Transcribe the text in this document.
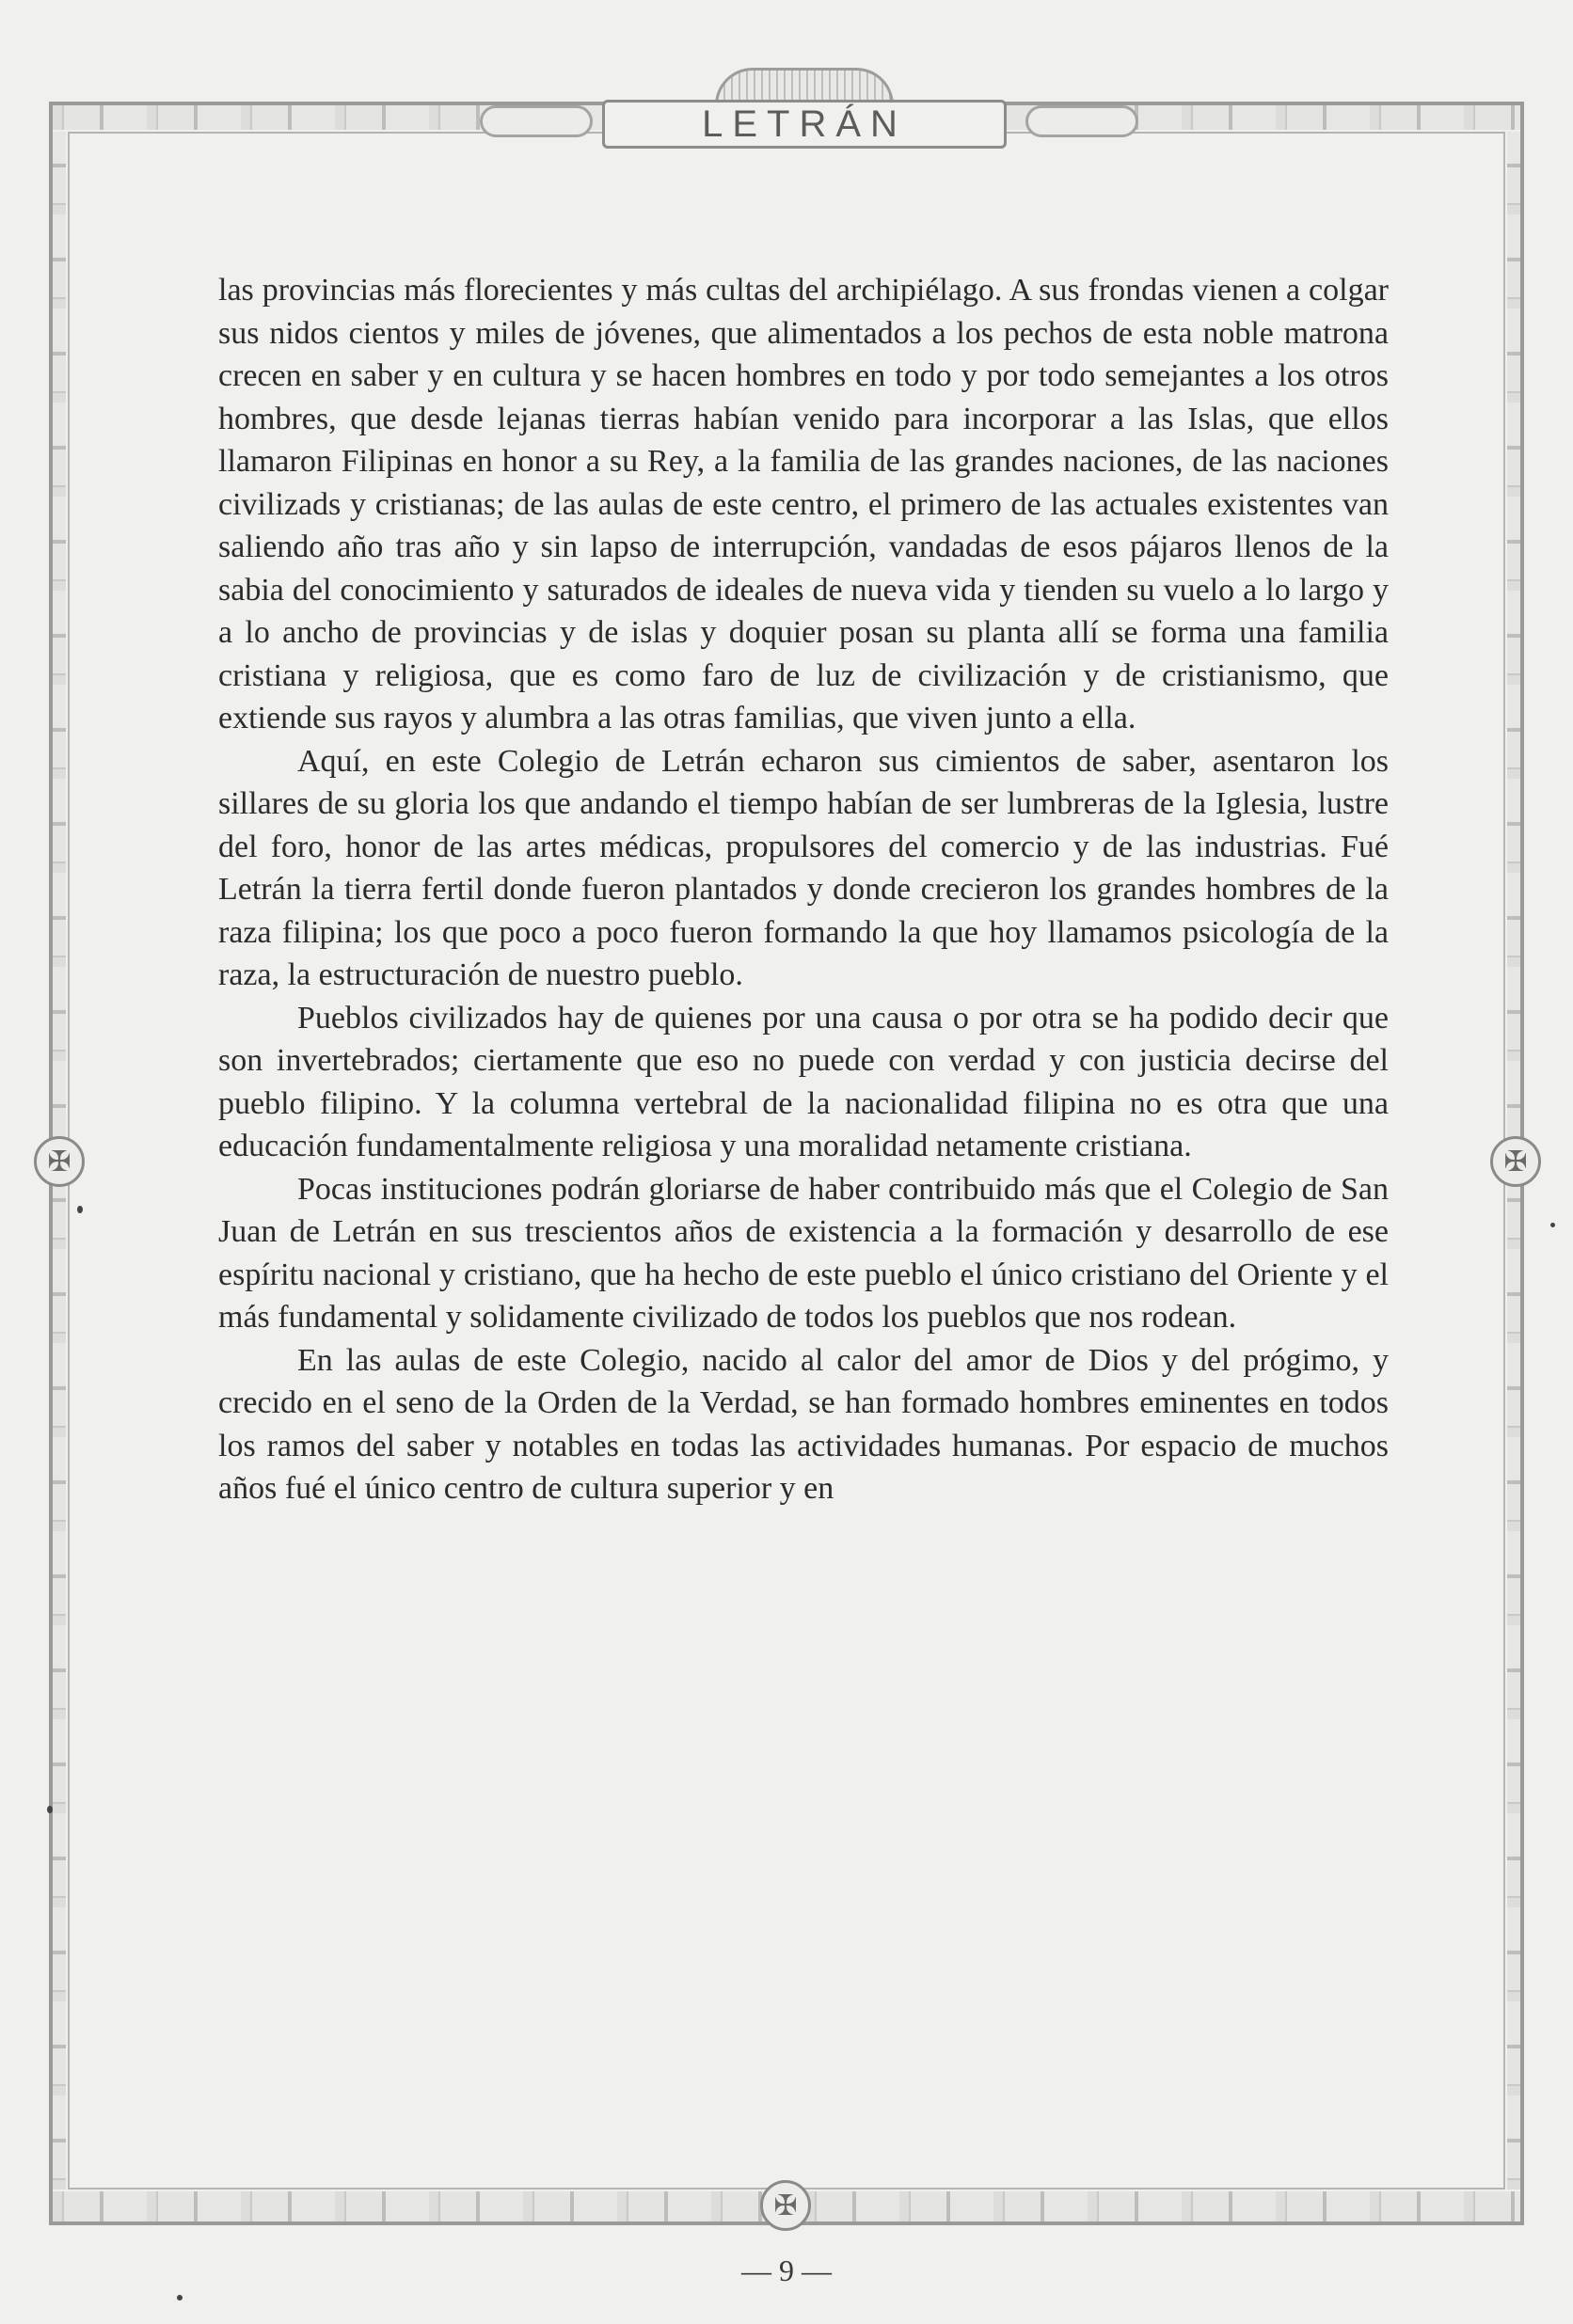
LETRÁN
✠	✠
✠

las provincias más florecientes y más cultas del archipiélago. A sus frondas vienen a colgar sus nidos cientos y miles de jóvenes, que alimentados a los pechos de esta noble matrona crecen en saber y en cultura y se hacen hombres en todo y por todo semejantes a los otros hombres, que desde lejanas tierras habían venido para incorporar a las Islas, que ellos llamaron Filipinas en honor a su Rey, a la familia de las grandes naciones, de las naciones civilizads y cristianas; de las aulas de este centro, el primero de las actuales existentes van saliendo año tras año y sin lapso de interrupción, vandadas de esos pájaros llenos de la sabia del conocimiento y saturados de ideales de nueva vida y tienden su vuelo a lo largo y a lo ancho de provincias y de islas y doquier posan su planta allí se forma una familia cristiana y religiosa, que es como faro de luz de civilización y de cristianismo, que extiende sus rayos y alumbra a las otras familias, que viven junto a ella.

Aquí, en este Colegio de Letrán echaron sus cimientos de saber, asentaron los sillares de su gloria los que andando el tiempo habían de ser lumbreras de la Iglesia, lustre del foro, honor de las artes médicas, propulsores del comercio y de las industrias. Fué Letrán la tierra fertil donde fueron plantados y donde crecieron los grandes hombres de la raza filipina; los que poco a poco fueron formando la que hoy llamamos psicología de la raza, la estructuración de nuestro pueblo.

Pueblos civilizados hay de quienes por una causa o por otra se ha podido decir que son invertebrados; ciertamente que eso no puede con verdad y con justicia decirse del pueblo filipino. Y la columna vertebral de la nacionalidad filipina no es otra que una educación fundamentalmente religiosa y una moralidad netamente cristiana.

Pocas instituciones podrán gloriarse de haber contribuido más que el Colegio de San Juan de Letrán en sus trescientos años de existencia a la formación y desarrollo de ese espíritu nacional y cristiano, que ha hecho de este pueblo el único cristiano del Oriente y el más fundamental y solidamente civilizado de todos los pueblos que nos rodean.

En las aulas de este Colegio, nacido al calor del amor de Dios y del prógimo, y crecido en el seno de la Orden de la Verdad, se han formado hombres eminentes en todos los ramos del saber y notables en todas las actividades humanas. Por espacio de muchos años fué el único centro de cultura superior y en

— 9 —
